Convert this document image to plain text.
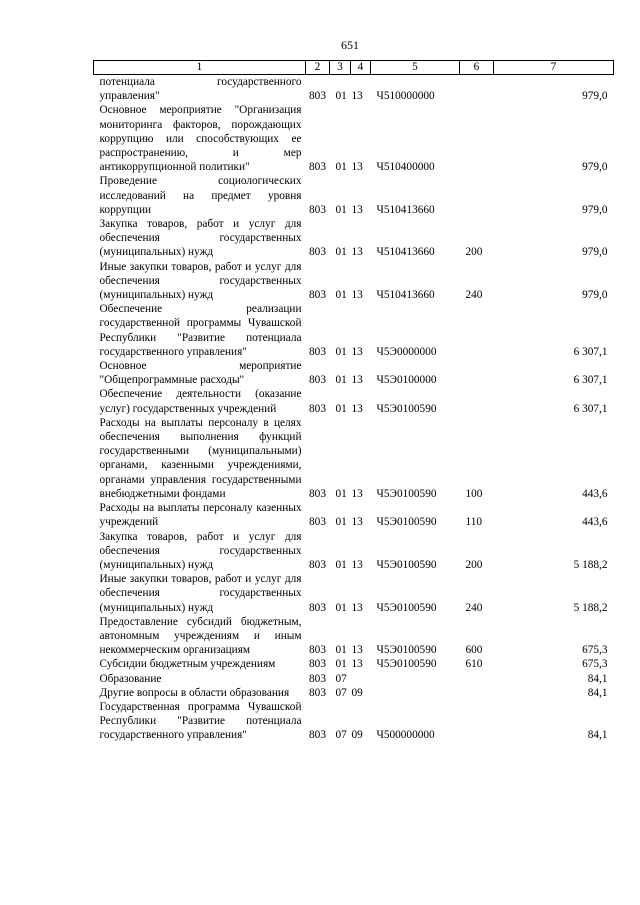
651
1	2	3	4	5	6	7
потенциала государственного управления"	803	01	13	Ч510000000		979,0
Основное мероприятие "Организация мониторинга факторов, порождающих коррупцию или способствующих ее распространению, и мер антикоррупционной политики"	803	01	13	Ч510400000		979,0
Проведение социологических исследований на предмет уровня коррупции	803	01	13	Ч510413660		979,0
Закупка товаров, работ и услуг для обеспечения государственных (муниципальных) нужд	803	01	13	Ч510413660	200	979,0
Иные закупки товаров, работ и услуг для обеспечения государственных (муниципальных) нужд	803	01	13	Ч510413660	240	979,0
Обеспечение реализации государственной программы Чувашской Республики "Развитие потенциала государственного управления"	803	01	13	Ч5Э0000000		6 307,1
Основное мероприятие "Общепрограммные расходы"	803	01	13	Ч5Э0100000		6 307,1
Обеспечение деятельности (оказание услуг) государственных учреждений	803	01	13	Ч5Э0100590		6 307,1
Расходы на выплаты персоналу в целях обеспечения выполнения функций государственными (муниципальными) органами, казенными учреждениями, органами управления государственными внебюджетными фондами	803	01	13	Ч5Э0100590	100	443,6
Расходы на выплаты персоналу казенных учреждений	803	01	13	Ч5Э0100590	110	443,6
Закупка товаров, работ и услуг для обеспечения государственных (муниципальных) нужд	803	01	13	Ч5Э0100590	200	5 188,2
Иные закупки товаров, работ и услуг для обеспечения государственных (муниципальных) нужд	803	01	13	Ч5Э0100590	240	5 188,2
Предоставление субсидий бюджетным, автономным учреждениям и иным некоммерческим организациям	803	01	13	Ч5Э0100590	600	675,3
Субсидии бюджетным учреждениям	803	01	13	Ч5Э0100590	610	675,3
Образование	803	07				84,1
Другие вопросы в области образования	803	07	09			84,1
Государственная программа Чувашской Республики "Развитие потенциала государственного управления"	803	07	09	Ч500000000		84,1
